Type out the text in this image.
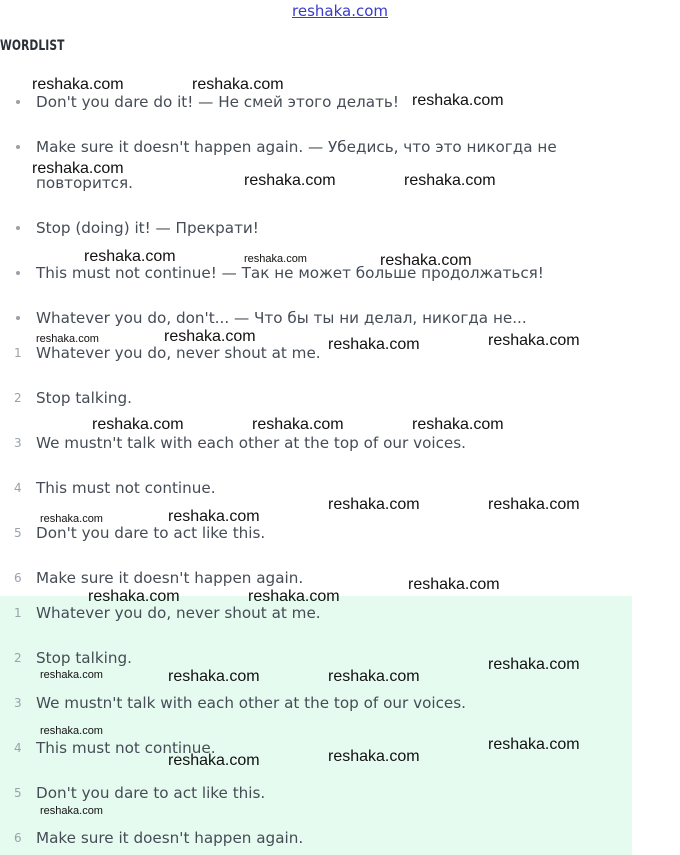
reshaka.com
WORDLIST
Don't you dare do it! — Не смей этого делать!
Make sure it doesn't happen again. — Убедись, что это никогда не
повторится.
Stop (doing) it! — Прекрати!
This must not continue! — Так не может больше продолжаться!
Whatever you do, don't... — Что бы ты ни делал, никогда не...
1 Whatever you do, never shout at me.
2 Stop talking.
3 We mustn't talk with each other at the top of our voices.
4 This must not continue.
5 Don't you dare to act like this.
6 Make sure it doesn't happen again.
1 Whatever you do, never shout at me.
2 Stop talking.
3 We mustn't talk with each other at the top of our voices.
4 This must not continue.
5 Don't you dare to act like this.
6 Make sure it doesn't happen again.
reshaka.com	reshaka.com
reshaka.com
reshaka.com
reshaka.com	reshaka.com
reshaka.com	reshaka.com	reshaka.com
reshaka.com	reshaka.com	reshaka.com	reshaka.com
reshaka.com	reshaka.com	reshaka.com
reshaka.com	reshaka.com
reshaka.com	reshaka.com
reshaka.com
reshaka.com	reshaka.com
reshaka.com
reshaka.com	reshaka.com	reshaka.com
reshaka.com
reshaka.com
reshaka.com	reshaka.com
reshaka.com
